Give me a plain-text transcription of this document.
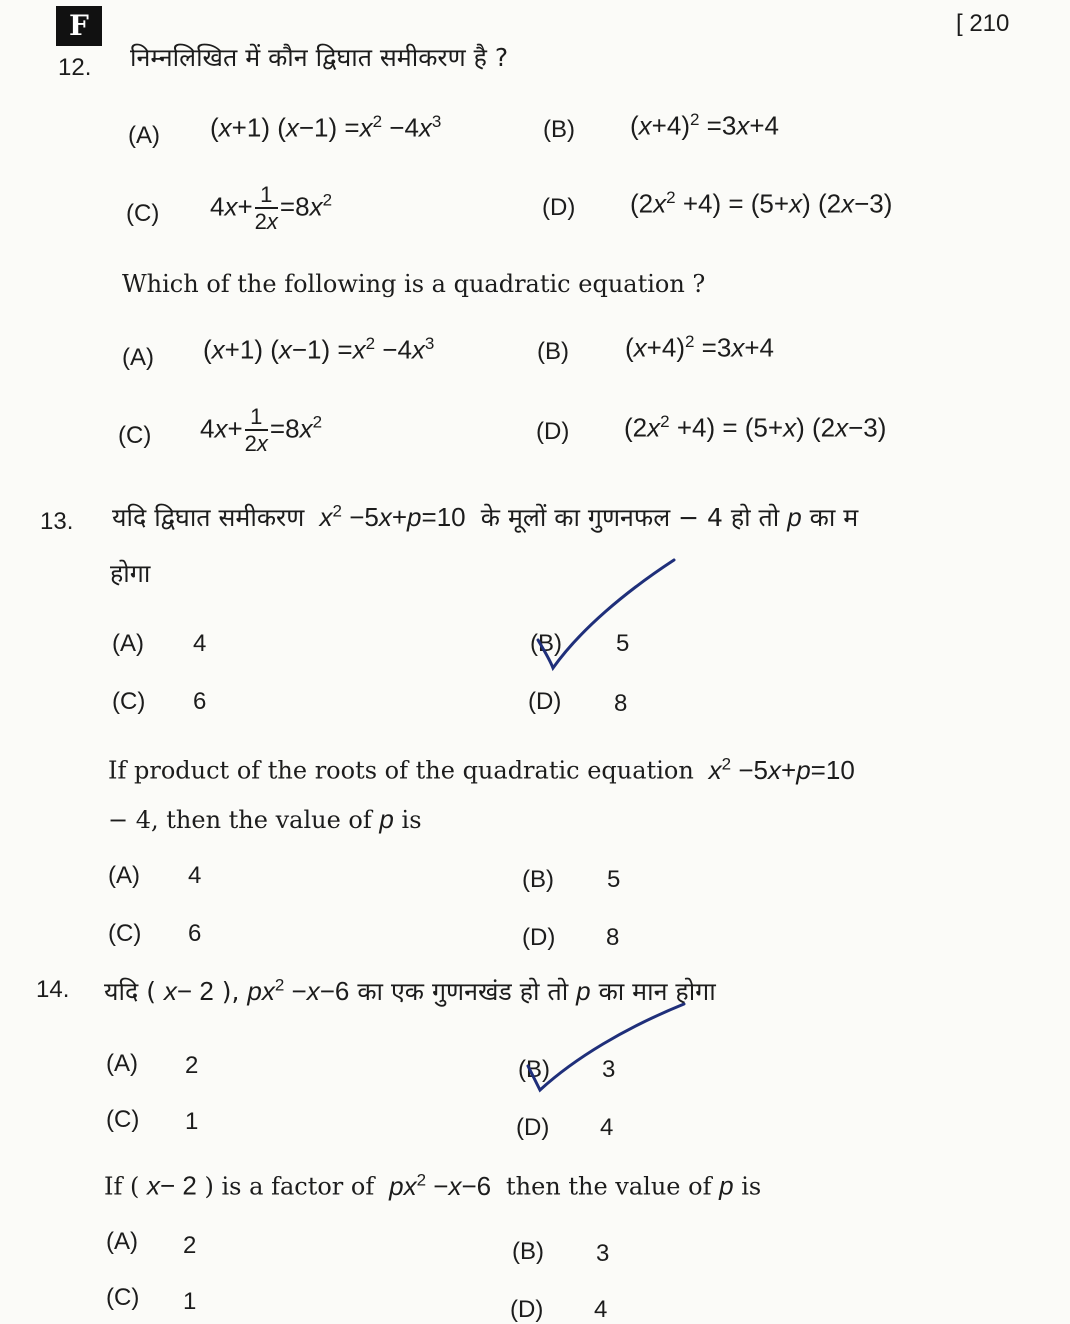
F	[ 210
12. निम्नलिखित में कौन द्विघात समीकरण है ?
(A) (x+1) $(x-1) =x^2 -4x^3$	(B) $(x+4)^2 =3x+4$
(C) $4x+ \frac{1}{2x} =8x^2$	(D) $(2x^2 +4) = (5+x)$ (2x−3)
Which of the following is a quadratic equation ?
(A) (x+1) $(x-1) =x^2 -4x^3$	(B) $(x+4)^2 =3x+4$
(C) $4x+ \frac{1}{2x} =8x^2$	(D) $(2x^2 +4) = (5+x)$ (2x−3)
13. यदि द्विघात समीकरण $x^2 -5x+p=10$  के मूलों का गुणनफल − 4 हो तो p का म
होगा
(A) 4	(B) 5
(C) 6	(D) 8
If product of the roots of the quadratic equation $x^2 -5x+p=10$
− 4, then the value of p is
(A) 4	(B) 5
(C) 6	(D) 8
14. यदि ( x− 2 ), $px^2 -x-6$ का एक गुणनखंड हो तो p का मान होगा
(A) 2	(B) 3
(C) 1	(D) 4
If ( x− 2 ) is a factor of $px^2 -x-6$  then the value of p is
(A) 2	(B) 3
(C) 1	(D) 4
